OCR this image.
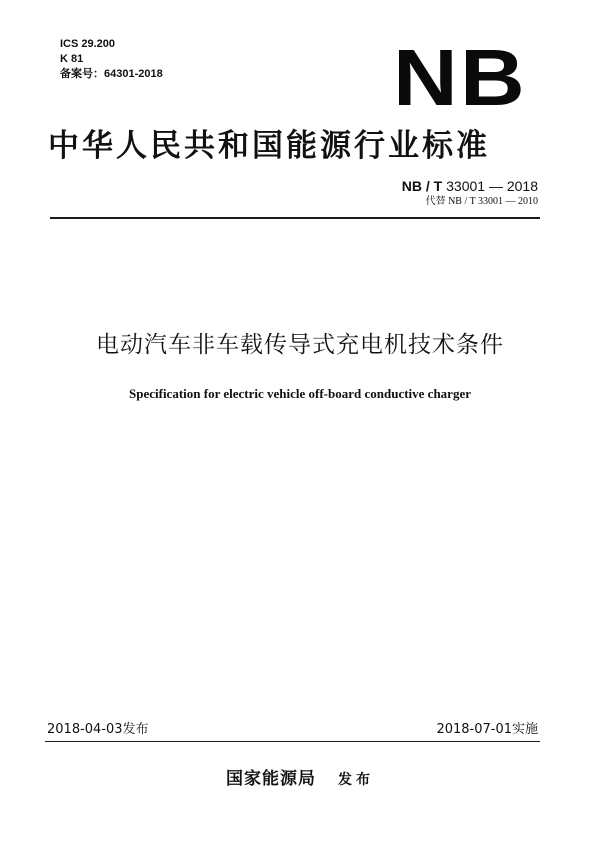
ICS 29.200
K 81
备案号：64301-2018	NB
中华人民共和国能源行业标准
NB / T 33001 — 2018
代替 NB / T 33001 — 2010
电动汽车非车载传导式充电机技术条件
Specification for electric vehicle off-board conductive charger
2018-04-03发布	2018-07-01实施
国家能源局 发布
